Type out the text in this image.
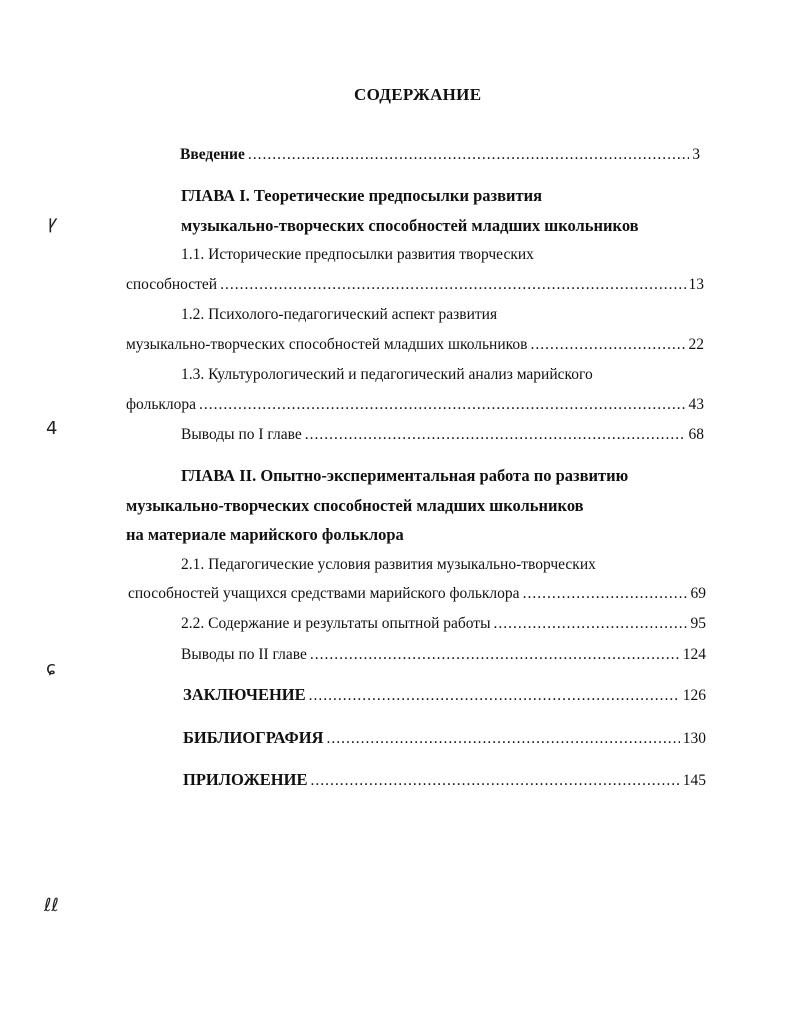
СОДЕРЖАНИЕ
Введение .....	3
ГЛАВА I. Теоретические предпосылки развития
музыкально-творческих способностей младших школьников
1.1. Исторические предпосылки развития творческих
способностей .....	13
1.2. Психолого-педагогический аспект развития
музыкально-творческих способностей младших школьников .....	22
1.3. Культурологический и педагогический анализ марийского
фольклора .....	43
Выводы по I главе .....	68
ГЛАВА II. Опытно-экспериментальная работа по развитию
музыкально-творческих способностей младших школьников
на материале марийского фольклора
2.1. Педагогические условия развития музыкально-творческих
способностей учащихся средствами марийского фольклора .....	69
2.2. Содержание и результаты опытной работы .....	95
Выводы по II главе .....	124
ЗАКЛЮЧЕНИЕ .....	126
БИБЛИОГРАФИЯ .....	130
ПРИЛОЖЕНИЕ .....	145
ꝩ
4
ɕ
ℓℓ
